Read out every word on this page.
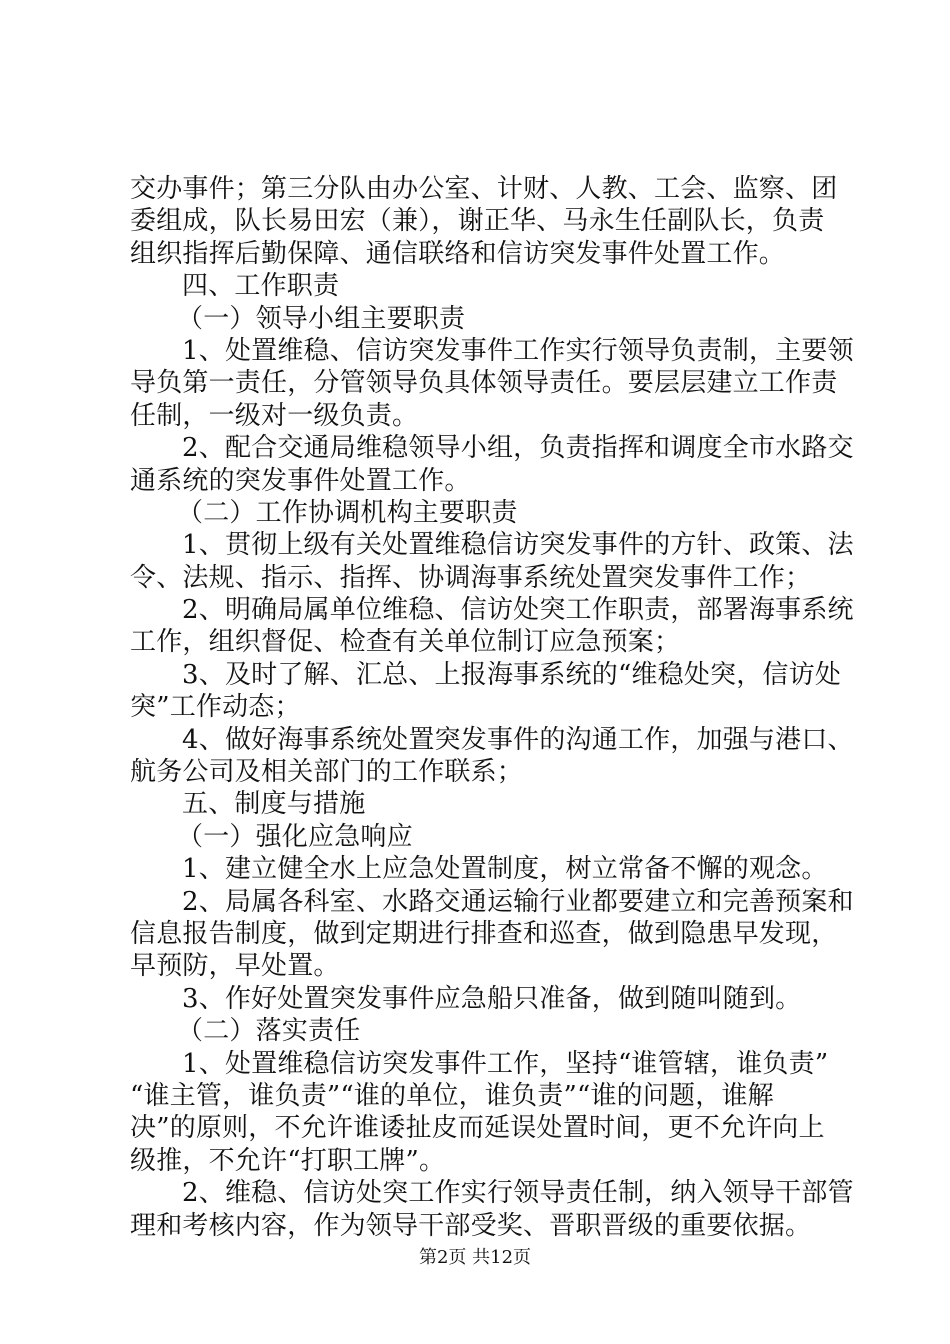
交办事件；第三分队由办公室、计财、人教、工会、监察、团
委组成，队长易田宏（兼），谢正华、马永生任副队长，负责
组织指挥后勤保障、通信联络和信访突发事件处置工作。
四、工作职责
（一）领导小组主要职责
1、处置维稳、信访突发事件工作实行领导负责制，主要领
导负第一责任，分管领导负具体领导责任。要层层建立工作责
任制，一级对一级负责。
2、配合交通局维稳领导小组，负责指挥和调度全市水路交
通系统的突发事件处置工作。
（二）工作协调机构主要职责
1、贯彻上级有关处置维稳信访突发事件的方针、政策、法
令、法规、指示、指挥、协调海事系统处置突发事件工作；
2、明确局属单位维稳、信访处突工作职责，部署海事系统
工作，组织督促、检查有关单位制订应急预案；
3、及时了解、汇总、上报海事系统的“维稳处突，信访处
突”工作动态；
4、做好海事系统处置突发事件的沟通工作，加强与港口、
航务公司及相关部门的工作联系；
五、制度与措施
（一）强化应急响应
1、建立健全水上应急处置制度，树立常备不懈的观念。
2、局属各科室、水路交通运输行业都要建立和完善预案和
信息报告制度，做到定期进行排查和巡查，做到隐患早发现，
早预防，早处置。
3、作好处置突发事件应急船只准备，做到随叫随到。
（二）落实责任
1、处置维稳信访突发事件工作，坚持“谁管辖，谁负责”
“谁主管，谁负责”“谁的单位，谁负责”“谁的问题，谁解
决”的原则，不允许谁诿扯皮而延误处置时间，更不允许向上
级推，不允许“打职工牌”。
2、维稳、信访处突工作实行领导责任制，纳入领导干部管
理和考核内容，作为领导干部受奖、晋职晋级的重要依据。
第2页 共12页
